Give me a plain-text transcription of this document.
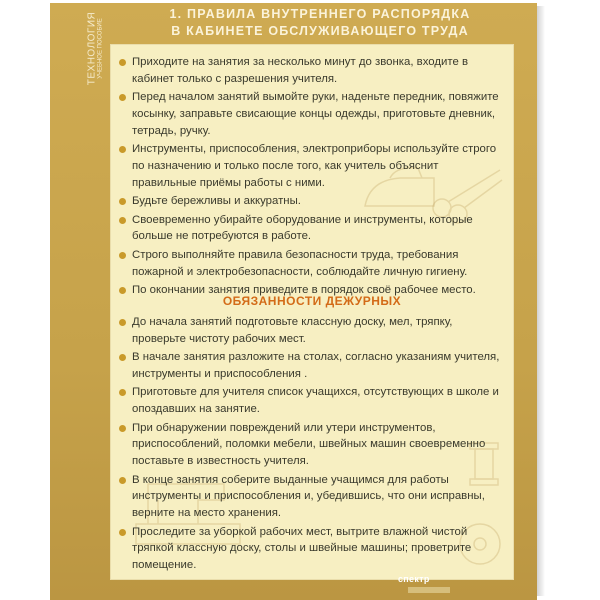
ТЕХНОЛОГИЯ УЧЕБНОЕ ПОСОБИЕ
1. ПРАВИЛА ВНУТРЕННЕГО РАСПОРЯДКА
В КАБИНЕТЕ ОБСЛУЖИВАЮЩЕГО ТРУДА
Приходите на занятия за несколько минут до звонка, входите в кабинет только с разрешения учителя.
Перед началом занятий вымойте руки, наденьте передник, повяжите косынку, заправьте свисающие концы одежды, приготовьте дневник, тетрадь, ручку.
Инструменты, приспособления, электроприборы используйте строго по назначению и только после того, как учитель объяснит правильные приёмы работы с ними.
Будьте бережливы и аккуратны.
Своевременно убирайте оборудование и инструменты, которые больше не потребуются в работе.
Строго выполняйте правила безопасности труда, требования пожарной и электробезопасности, соблюдайте личную гигиену.
По окончании занятия приведите в порядок своё рабочее место.
ОБЯЗАННОСТИ ДЕЖУРНЫХ
До начала занятий подготовьте классную доску, мел, тряпку, проверьте чистоту рабочих мест.
В начале занятия разложите на столах, согласно указаниям учителя, инструменты и приспособления .
Приготовьте для учителя список учащихся, отсутствующих в школе и опоздавших на занятие.
При обнаружении повреждений или утери инструментов, приспособлений, поломки мебели, швейных машин своевременно поставьте в известность учителя.
В конце занятия соберите выданные учащимся для работы инструменты и приспособления и, убедившись, что они исправны, верните на место хранения.
Проследите за уборкой рабочих мест, вытрите влажной чистой тряпкой классную доску, столы и швейные машины; проветрите помещение.
спектр
